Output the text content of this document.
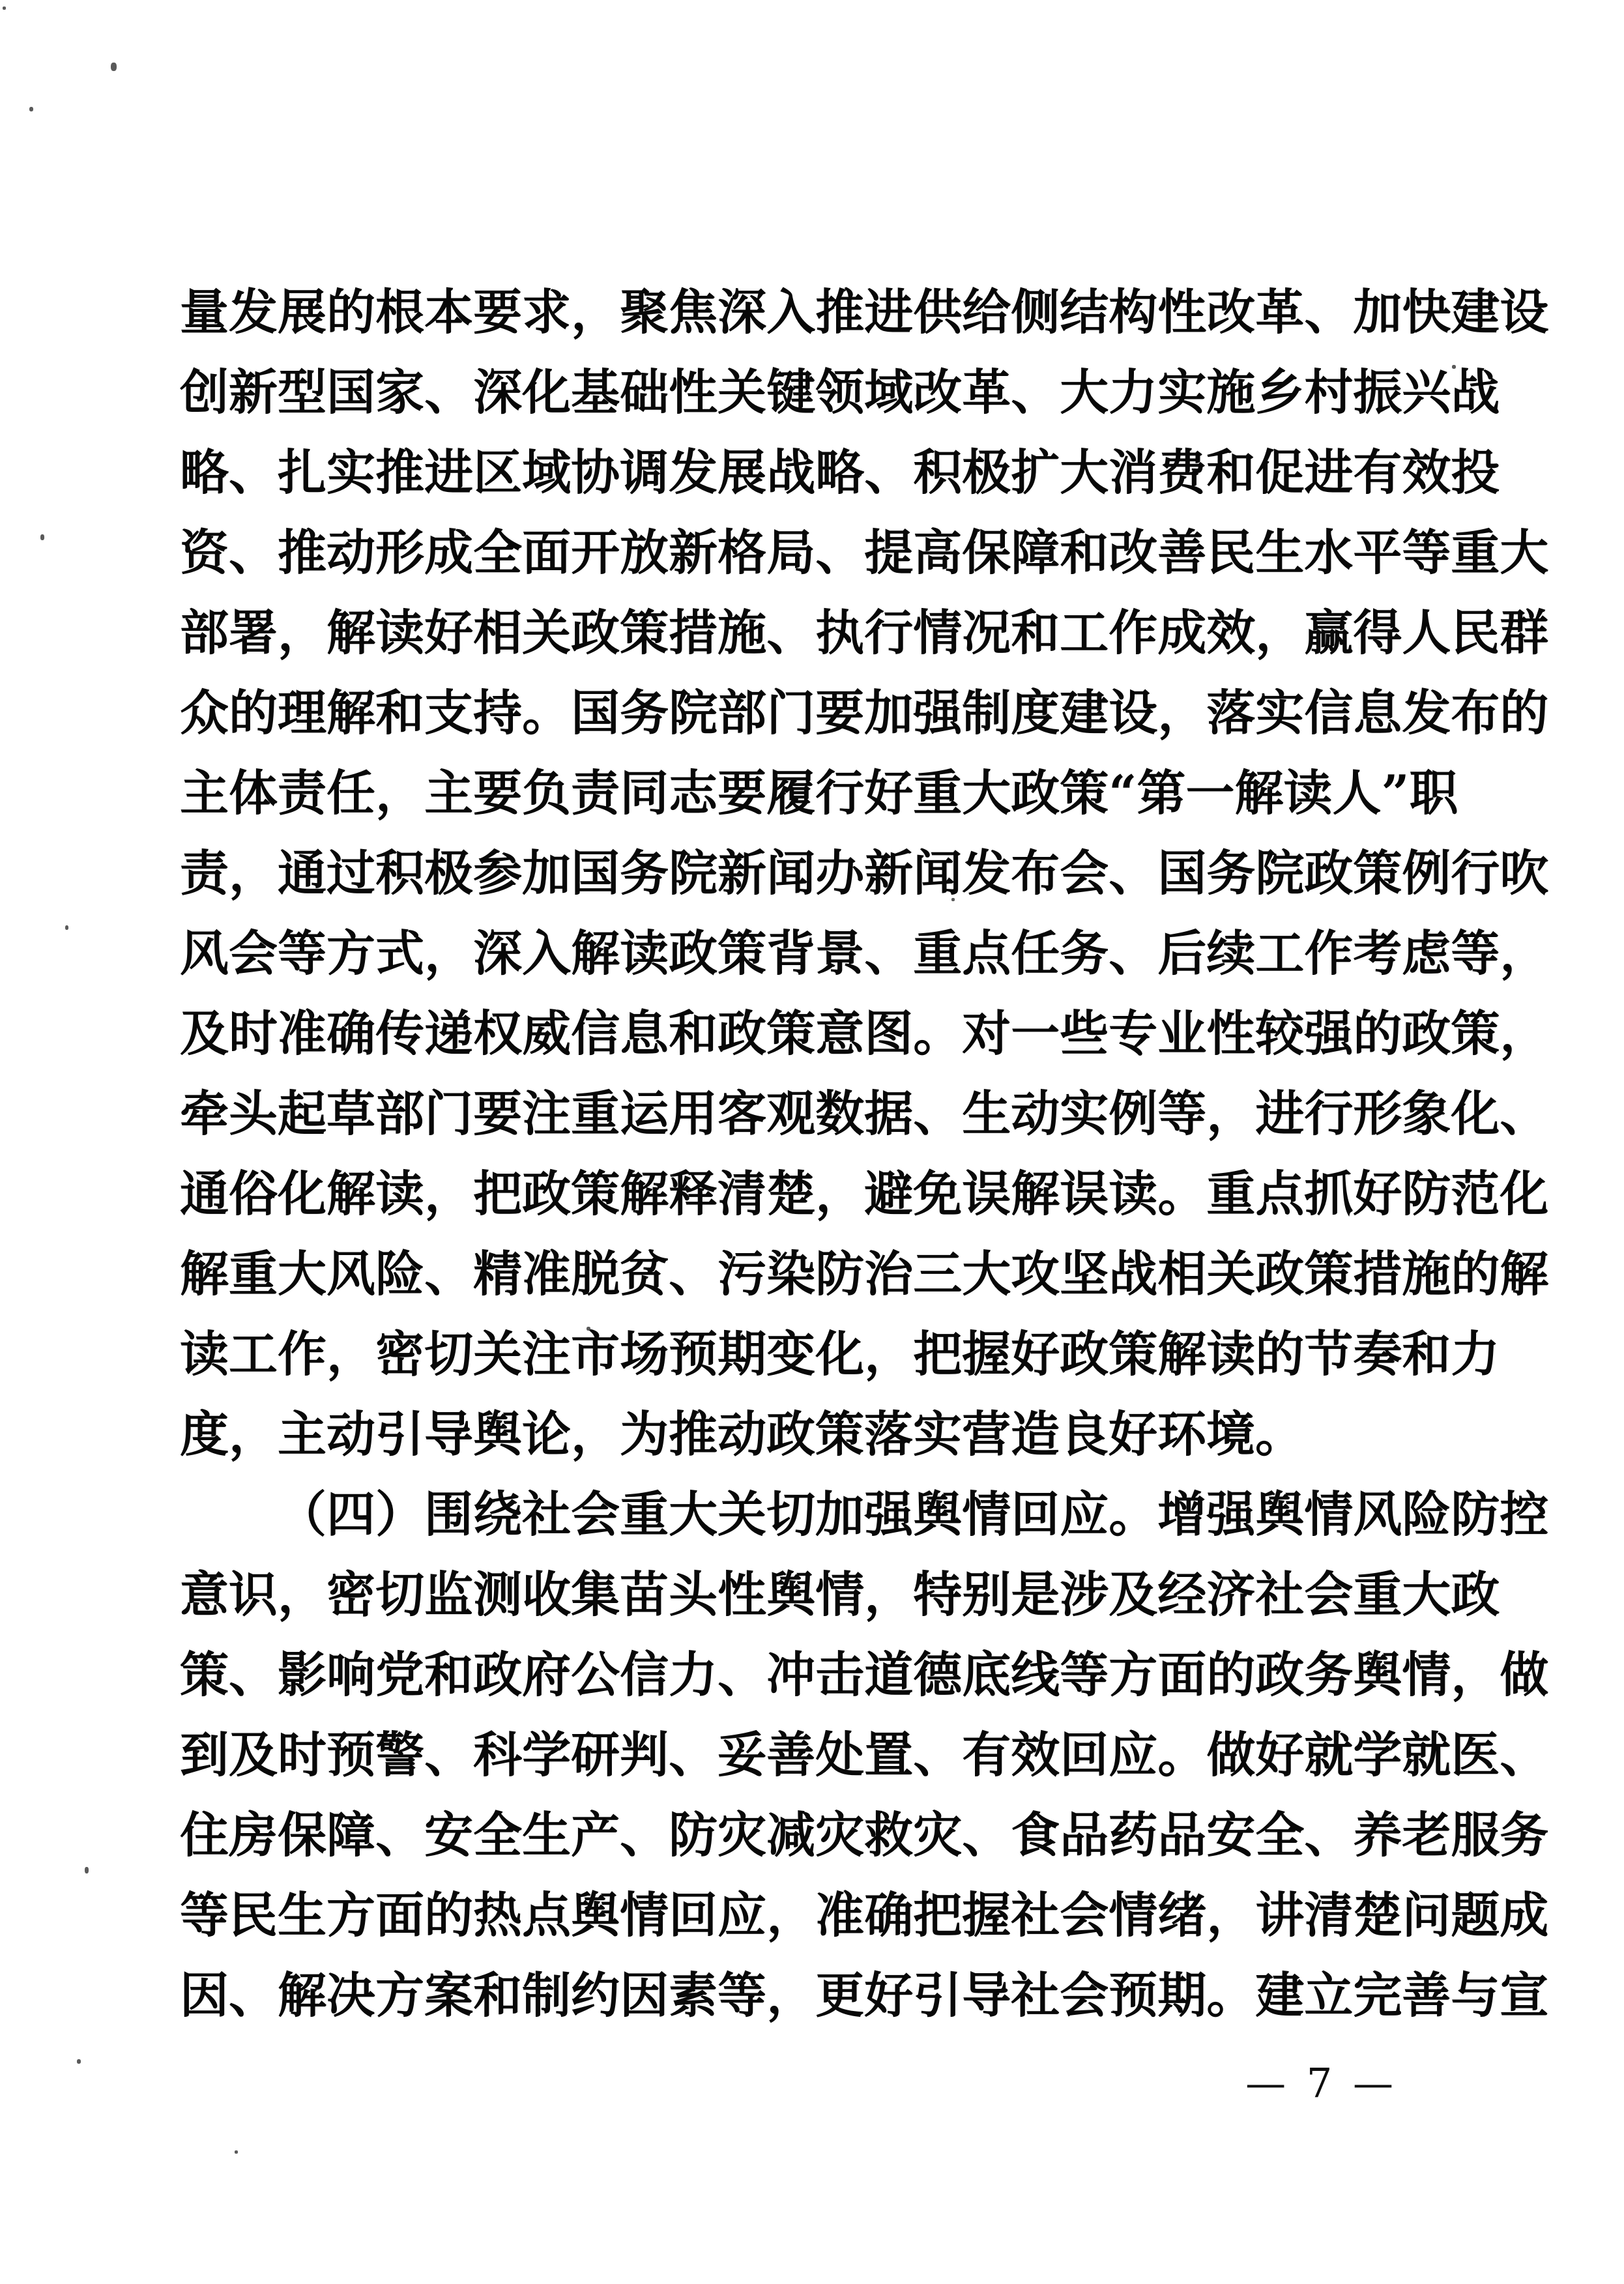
量 发 展 的 根 本 要 求 ， 聚 焦 深 入 推 进 供 给 侧 结 构 性 改 革 、 加 快 建 设
创 新 型 国 家 、 深 化 基 础 性 关 键 领 域 改 革 、 大 力 实 施 乡 村 振 兴 战
略 、 扎 实 推 进 区 域 协 调 发 展 战 略 、 积 极 扩 大 消 费 和 促 进 有 效 投
资 、 推 动 形 成 全 面 开 放 新 格 局 、 提 高 保 障 和 改 善 民 生 水 平 等 重 大
部 署 ， 解 读 好 相 关 政 策 措 施 、 执 行 情 况 和 工 作 成 效 ， 赢 得 人 民 群
众 的 理 解 和 支 持 。 国 务 院 部 门 要 加 强 制 度 建 设 ， 落 实 信 息 发 布 的
主 体 责 任 ， 主 要 负 责 同 志 要 履 行 好 重 大 政 策 “ 第 一 解 读 人 ” 职
责 ， 通 过 积 极 参 加 国 务 院 新 闻 办 新 闻 发 布 会 、 国 务 院 政 策 例 行 吹
风 会 等 方 式 ， 深 入 解 读 政 策 背 景 、 重 点 任 务 、 后 续 工 作 考 虑 等 ，
及 时 准 确 传 递 权 威 信 息 和 政 策 意 图 。 对 一 些 专 业 性 较 强 的 政 策 ，
牵 头 起 草 部 门 要 注 重 运 用 客 观 数 据 、 生 动 实 例 等 ， 进 行 形 象 化 、
通 俗 化 解 读 ， 把 政 策 解 释 清 楚 ， 避 免 误 解 误 读 。 重 点 抓 好 防 范 化
解 重 大 风 险 、 精 准 脱 贫 、 污 染 防 治 三 大 攻 坚 战 相 关 政 策 措 施 的 解
读 工 作 ， 密 切 关 注 市 场 预 期 变 化 ， 把 握 好 政 策 解 读 的 节 奏 和 力
度，主动引导舆论，为推动政策落实营造良好环境。
（ 四 ） 围 绕 社 会 重 大 关 切 加 强 舆 情 回 应 。 增 强 舆 情 风 险 防 控
意 识 ， 密 切 监 测 收 集 苗 头 性 舆 情 ， 特 别 是 涉 及 经 济 社 会 重 大 政
策 、 影 响 党 和 政 府 公 信 力 、 冲 击 道 德 底 线 等 方 面 的 政 务 舆 情 ， 做
到 及 时 预 警 、 科 学 研 判 、 妥 善 处 置 、 有 效 回 应 。 做 好 就 学 就 医 、
住 房 保 障 、 安 全 生 产 、 防 灾 减 灾 救 灾 、 食 品 药 品 安 全 、 养 老 服 务
等 民 生 方 面 的 热 点 舆 情 回 应 ， 准 确 把 握 社 会 情 绪 ， 讲 清 楚 问 题 成
因 、 解 决 方 案 和 制 约 因 素 等 ， 更 好 引 导 社 会 预 期 。 建 立 完 善 与 宣
— 7 —
